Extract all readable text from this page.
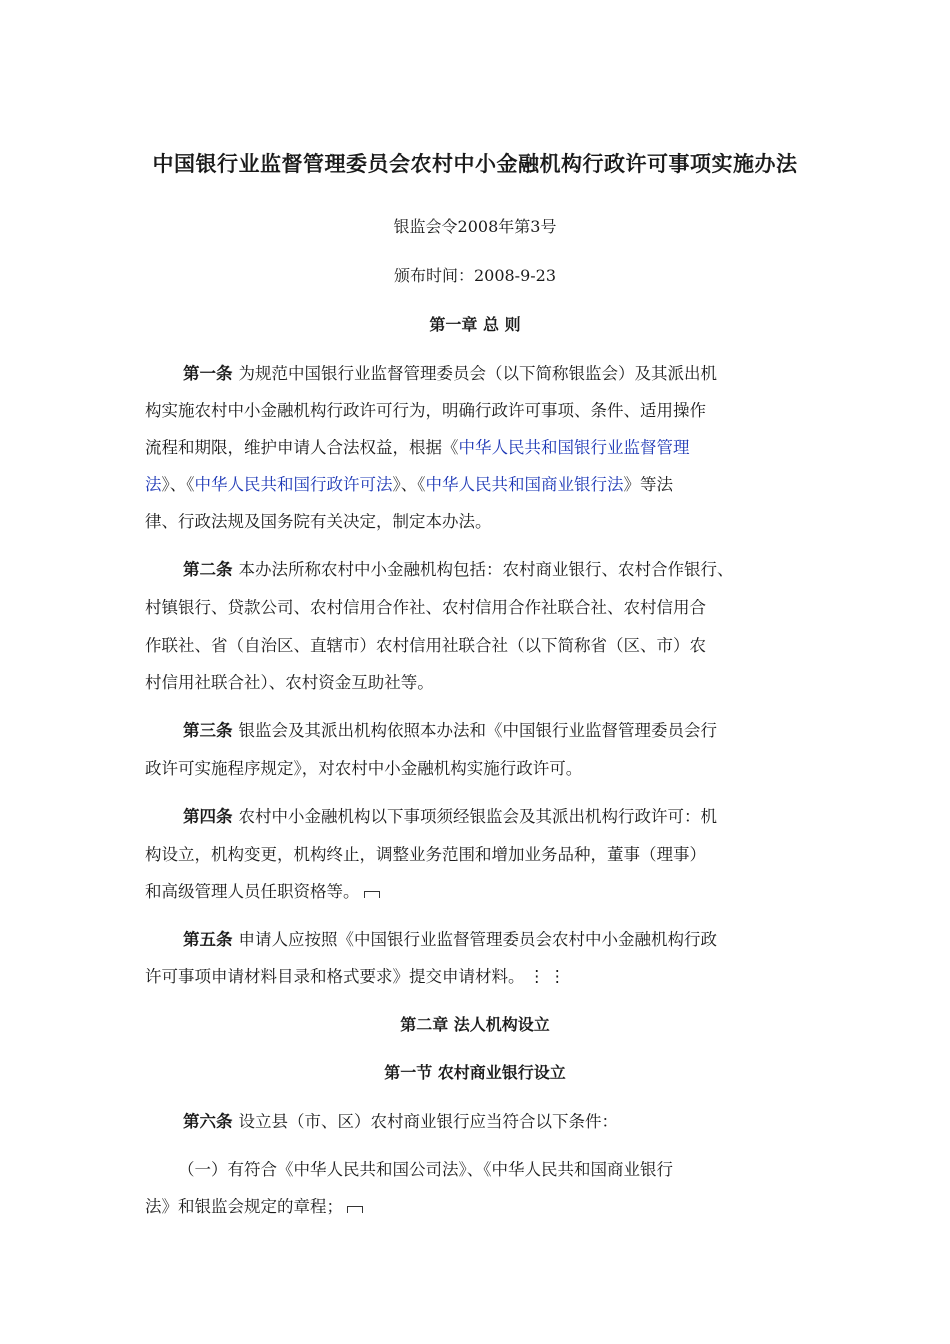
中国银行业监督管理委员会农村中小金融机构行政许可事项实施办法
银监会令2008年第3号
颁布时间：2008-9-23
第一章 总 则
第一条 为规范中国银行业监督管理委员会（以下简称银监会）及其派出机
构实施农村中小金融机构行政许可行为，明确行政许可事项、条件、适用操作
流程和期限，维护申请人合法权益，根据《中华人民共和国银行业监督管理
法》、《中华人民共和国行政许可法》、《中华人民共和国商业银行法》等法
律、行政法规及国务院有关决定，制定本办法。
第二条 本办法所称农村中小金融机构包括：农村商业银行、农村合作银行、
村镇银行、贷款公司、农村信用合作社、农村信用合作社联合社、农村信用合
作联社、省（自治区、直辖市）农村信用社联合社（以下简称省（区、市）农
村信用社联合社）、农村资金互助社等。
第三条 银监会及其派出机构依照本办法和《中国银行业监督管理委员会行
政许可实施程序规定》，对农村中小金融机构实施行政许可。
第四条 农村中小金融机构以下事项须经银监会及其派出机构行政许可：机
构设立，机构变更，机构终止，调整业务范围和增加业务品种，董事（理事）
和高级管理人员任职资格等。
第五条 申请人应按照《中国银行业监督管理委员会农村中小金融机构行政
许可事项申请材料目录和格式要求》提交申请材料。 ⋮⋮
第二章 法人机构设立
第一节 农村商业银行设立
第六条 设立县（市、区）农村商业银行应当符合以下条件：
（一）有符合《中华人民共和国公司法》、《中华人民共和国商业银行
法》和银监会规定的章程；
